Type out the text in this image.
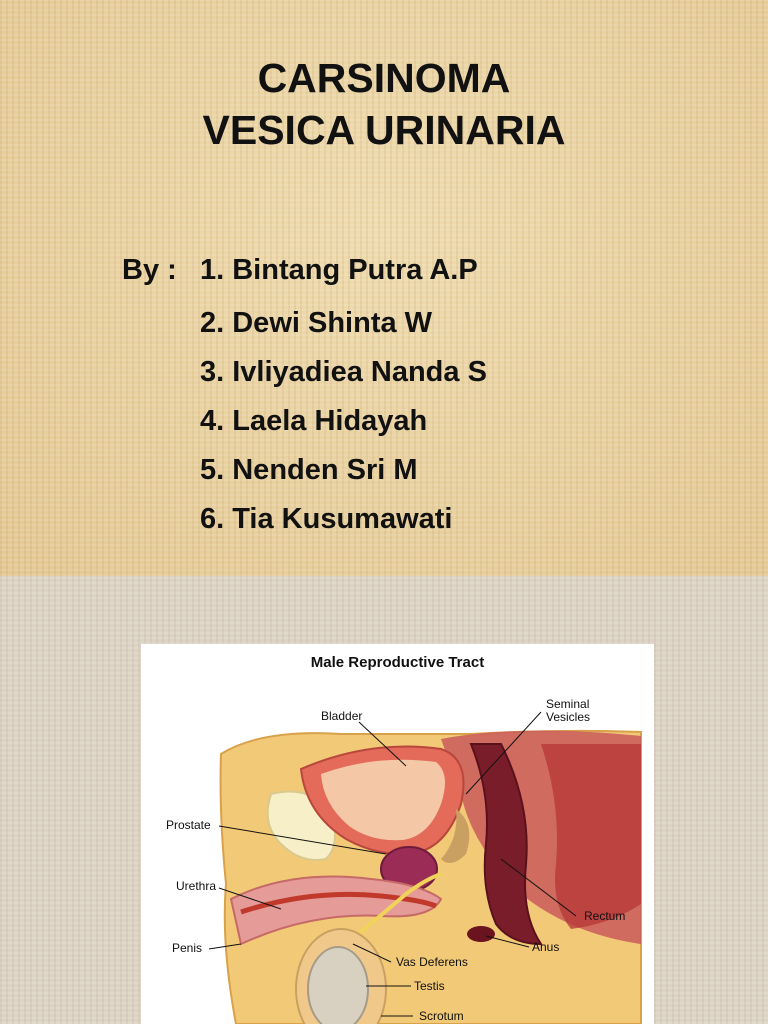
CARSINOMA
VESICA URINARIA
By : 1. Bintang Putra A.P
2. Dewi Shinta W
3. Ivliyadiea Nanda S
4. Laela Hidayah
5. Nenden Sri M
6. Tia Kusumawati
Male Reproductive Tract
Bladder
Seminal
Vesicles
Prostate
Urethra
Rectum
Penis	Anus
Vas Deferens
Testis
Scrotum
